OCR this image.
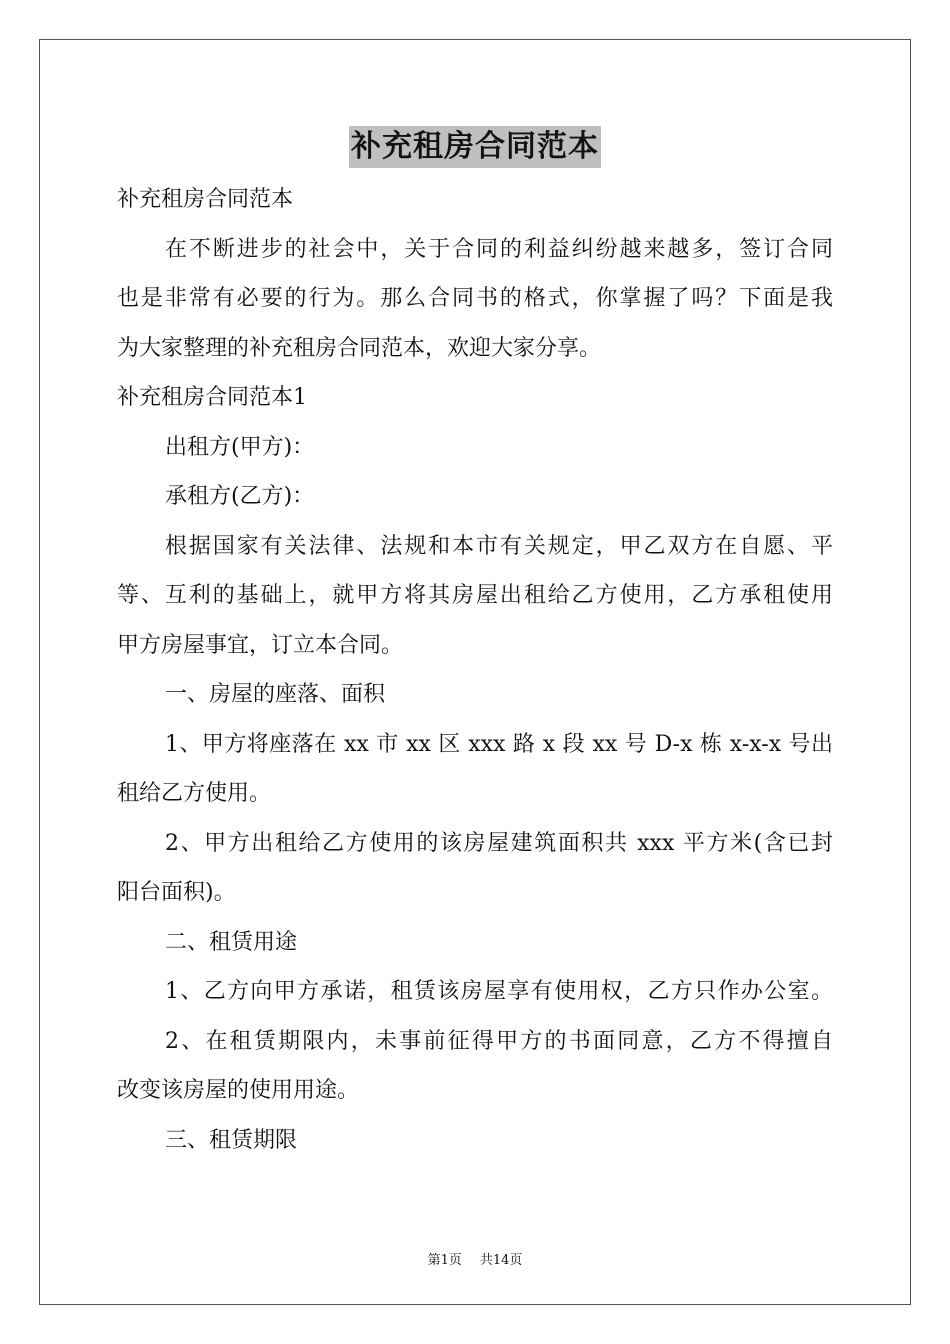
补充租房合同范本
补充租房合同范本
在不断进步的社会中，关于合同的利益纠纷越来越多，签订合同
也是非常有必要的行为。那么合同书的格式，你掌握了吗？下面是我
为大家整理的补充租房合同范本，欢迎大家分享。
补充租房合同范本1
出租方(甲方)：
承租方(乙方)：
根据国家有关法律、法规和本市有关规定，甲乙双方在自愿、平
等、互利的基础上，就甲方将其房屋出租给乙方使用，乙方承租使用
甲方房屋事宜，订立本合同。
一、房屋的座落、面积
1、甲方将座落在 xx 市 xx 区 xxx 路 x 段 xx 号 D-x 栋 x-x-x 号出
租给乙方使用。
2、甲方出租给乙方使用的该房屋建筑面积共 xxx 平方米(含已封
阳台面积)。
二、租赁用途
1、乙方向甲方承诺，租赁该房屋享有使用权，乙方只作办公室。
2、在租赁期限内，未事前征得甲方的书面同意，乙方不得擅自
改变该房屋的使用用途。
三、租赁期限
第1页 共14页
